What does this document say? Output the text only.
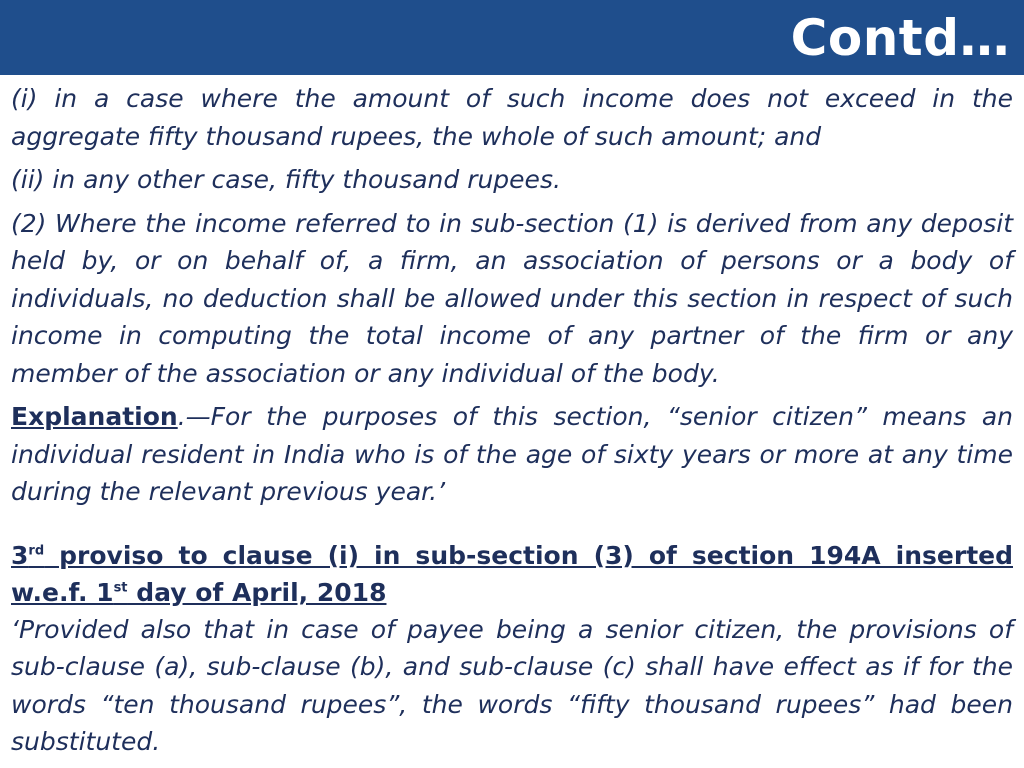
Contd…

(i) in a case where the amount of such income does not exceed in the aggregate fifty thousand rupees, the whole of such amount; and

(ii) in any other case, fifty thousand rupees.

(2) Where the income referred to in sub-section (1) is derived from any deposit held by, or on behalf of, a firm, an association of persons or a body of individuals, no deduction shall be allowed under this section in respect of such income in computing the total income of any partner of the firm or any member of the association or any individual of the body.

Explanation.—For the purposes of this section, “senior citizen” means an individual resident in India who is of the age of sixty years or more at any time during the relevant previous year.’

3rd proviso to clause (i) in sub-section (3) of section 194A inserted w.e.f. 1st day of April, 2018

‘Provided also that in case of payee being a senior citizen, the provisions of sub-clause (a), sub-clause (b), and sub-clause (c) shall have effect as if for the words “ten thousand rupees”, the words “fifty thousand rupees” had been substituted.
